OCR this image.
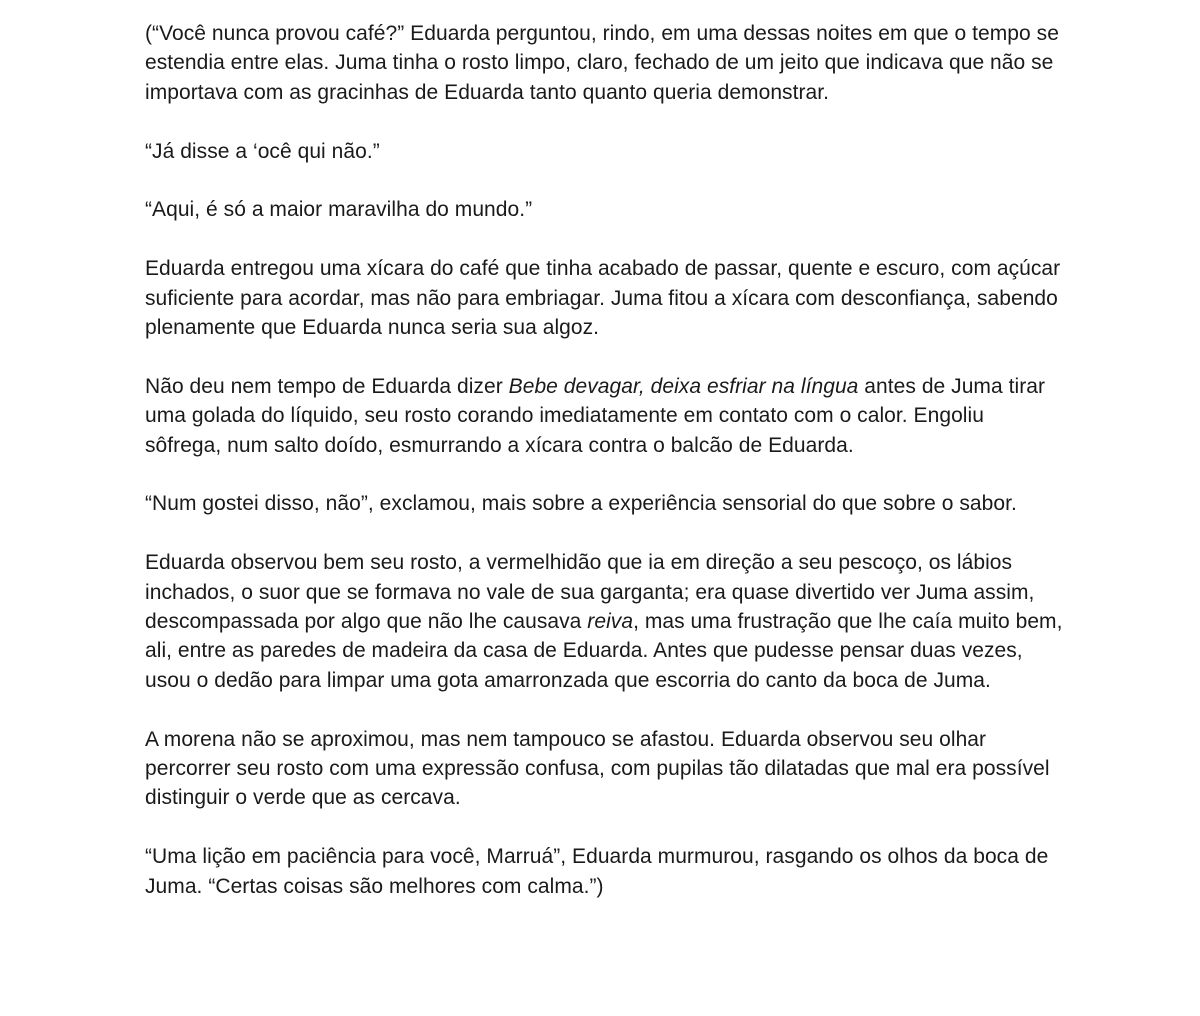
(“Você nunca provou café?” Eduarda perguntou, rindo, em uma dessas noites em que o tempo se estendia entre elas. Juma tinha o rosto limpo, claro, fechado de um jeito que indicava que não se importava com as gracinhas de Eduarda tanto quanto queria demonstrar.

“Já disse a ‘ocê qui não.”

“Aqui, é só a maior maravilha do mundo.”

Eduarda entregou uma xícara do café que tinha acabado de passar, quente e escuro, com açúcar suficiente para acordar, mas não para embriagar. Juma fitou a xícara com desconfiança, sabendo plenamente que Eduarda nunca seria sua algoz.

Não deu nem tempo de Eduarda dizer Bebe devagar, deixa esfriar na língua antes de Juma tirar uma golada do líquido, seu rosto corando imediatamente em contato com o calor. Engoliu sôfrega, num salto doído, esmurrando a xícara contra o balcão de Eduarda.

“Num gostei disso, não”, exclamou, mais sobre a experiência sensorial do que sobre o sabor.

Eduarda observou bem seu rosto, a vermelhidão que ia em direção a seu pescoço, os lábios inchados, o suor que se formava no vale de sua garganta; era quase divertido ver Juma assim, descompassada por algo que não lhe causava reiva, mas uma frustração que lhe caía muito bem, ali, entre as paredes de madeira da casa de Eduarda. Antes que pudesse pensar duas vezes, usou o dedão para limpar uma gota amarronzada que escorria do canto da boca de Juma.

A morena não se aproximou, mas nem tampouco se afastou. Eduarda observou seu olhar percorrer seu rosto com uma expressão confusa, com pupilas tão dilatadas que mal era possível distinguir o verde que as cercava.

“Uma lição em paciência para você, Marruá”, Eduarda murmurou, rasgando os olhos da boca de Juma. “Certas coisas são melhores com calma.”)
